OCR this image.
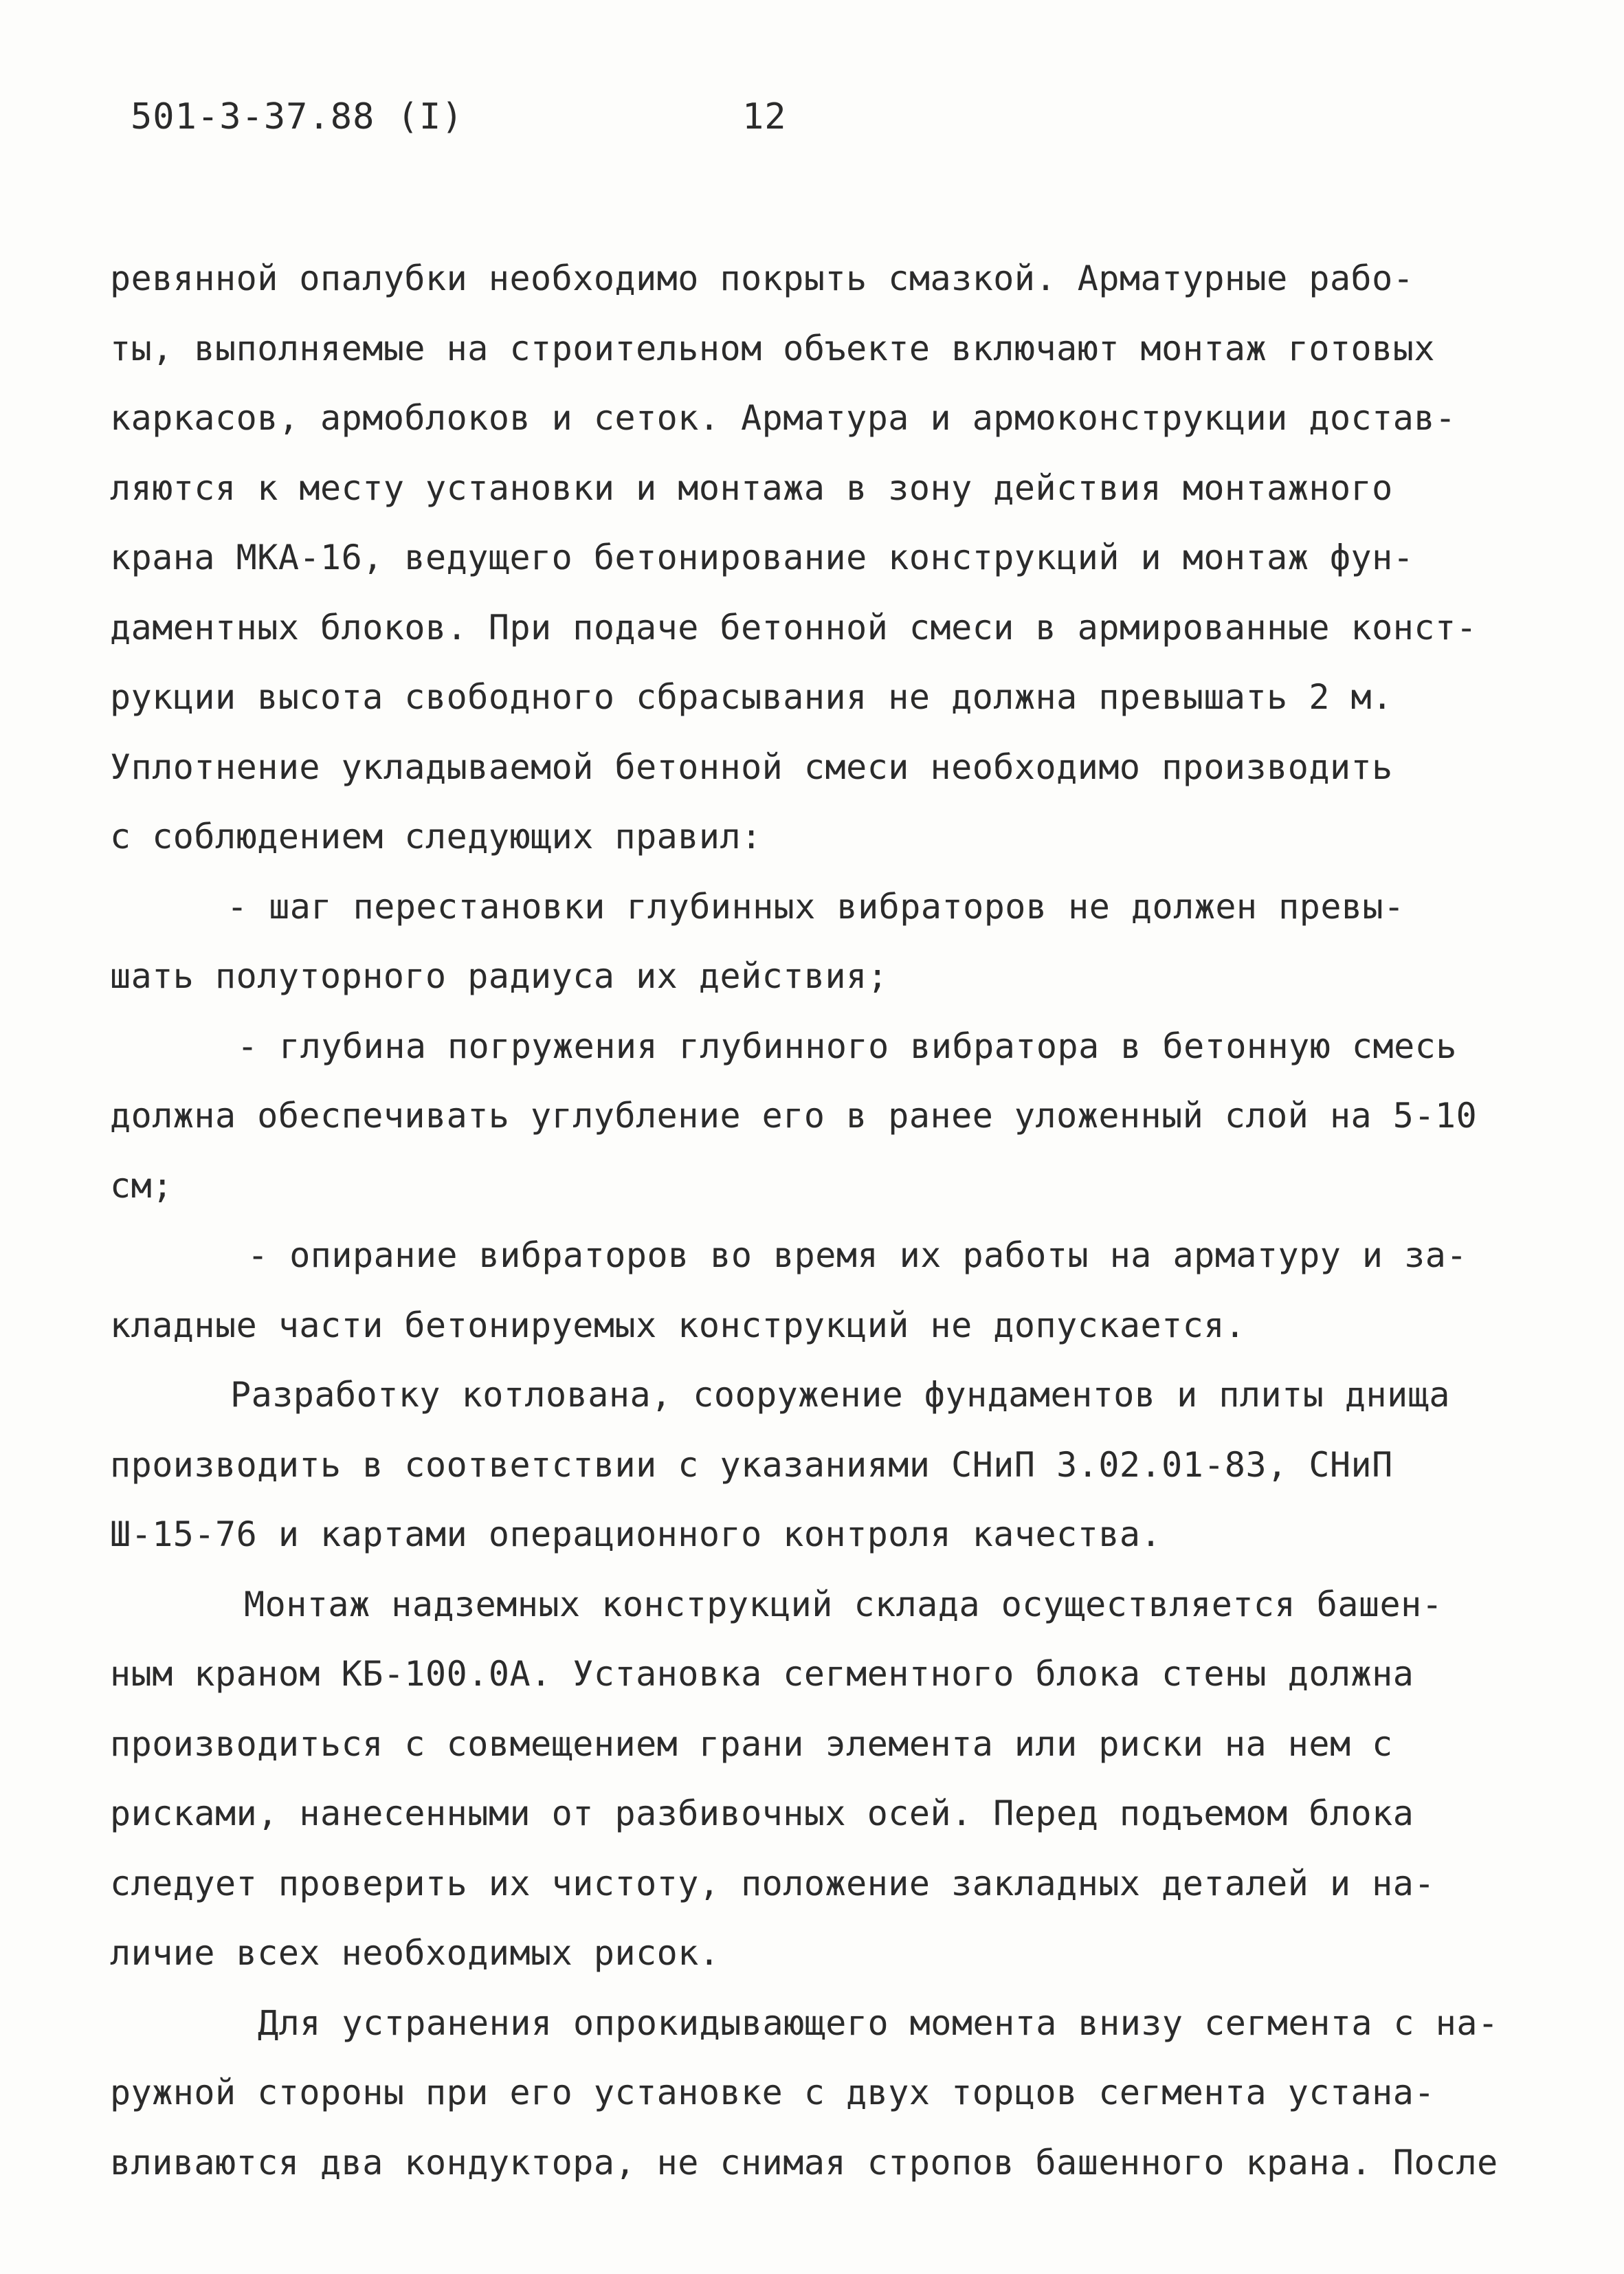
501-3-37.88 (I)	12
ревянной опалубки необходимо покрыть смазкой. Арматурные рабо-
ты, выполняемые на строительном объекте включают монтаж готовых
каркасов, армоблоков и сеток. Арматура и армоконструкции достав-
ляются к месту установки и монтажа в зону действия монтажного
крана МКА-16, ведущего бетонирование конструкций и монтаж фун-
даментных блоков. При подаче бетонной смеси в армированные конст-
рукции высота свободного сбрасывания не должна превышать 2 м.
Уплотнение укладываемой бетонной смеси необходимо производить
с соблюдением следующих правил:
- шаг перестановки глубинных вибраторов не должен превы-
шать полуторного радиуса их действия;
- глубина погружения глубинного вибратора в бетонную смесь
должна обеспечивать углубление его в ранее уложенный слой на 5-10
см;
- опирание вибраторов во время их работы на арматуру и за-
кладные части бетонируемых конструкций не допускается.
Разработку котлована, сооружение фундаментов и плиты днища
производить в соответствии с указаниями СНиП 3.02.01-83, СНиП
Ш-15-76 и картами операционного контроля качества.
Монтаж надземных конструкций склада осуществляется башен-
ным краном КБ-100.0А. Установка сегментного блока стены должна
производиться с совмещением грани элемента или риски на нем с
рисками, нанесенными от разбивочных осей. Перед подъемом блока
следует проверить их чистоту, положение закладных деталей и на-
личие всех необходимых рисок.
Для устранения опрокидывающего момента внизу сегмента с на-
ружной стороны при его установке с двух торцов сегмента устана-
вливаются два кондуктора, не снимая стропов башенного крана. После
